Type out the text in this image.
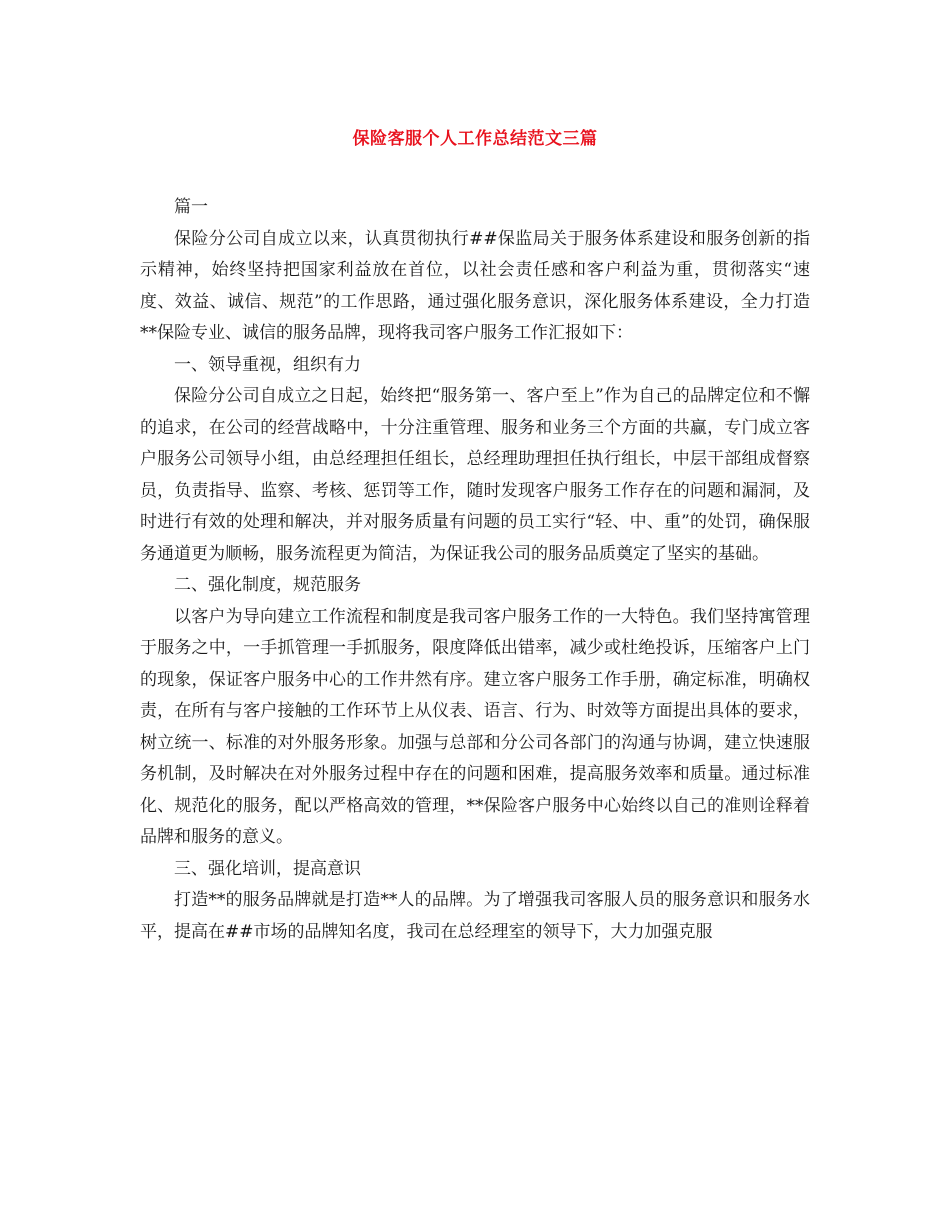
保险客服个人工作总结范文三篇

篇一

保险分公司自成立以来，认真贯彻执行##保监局关于服务体系建设和服务创新的指示精神，始终坚持把国家利益放在首位，以社会责任感和客户利益为重，贯彻落实“速度、效益、诚信、规范”的工作思路，通过强化服务意识，深化服务体系建设，全力打造**保险专业、诚信的服务品牌，现将我司客户服务工作汇报如下：

一、领导重视，组织有力

保险分公司自成立之日起，始终把“服务第一、客户至上”作为自己的品牌定位和不懈的追求，在公司的经营战略中，十分注重管理、服务和业务三个方面的共赢，专门成立客户服务公司领导小组，由总经理担任组长，总经理助理担任执行组长，中层干部组成督察员，负责指导、监察、考核、惩罚等工作，随时发现客户服务工作存在的问题和漏洞，及时进行有效的处理和解决，并对服务质量有问题的员工实行“轻、中、重”的处罚，确保服务通道更为顺畅，服务流程更为简洁，为保证我公司的服务品质奠定了坚实的基础。

二、强化制度，规范服务

以客户为导向建立工作流程和制度是我司客户服务工作的一大特色。我们坚持寓管理于服务之中，一手抓管理一手抓服务，限度降低出错率，减少或杜绝投诉，压缩客户上门的现象，保证客户服务中心的工作井然有序。建立客户服务工作手册，确定标准，明确权责，在所有与客户接触的工作环节上从仪表、语言、行为、时效等方面提出具体的要求，树立统一、标准的对外服务形象。加强与总部和分公司各部门的沟通与协调，建立快速服务机制，及时解决在对外服务过程中存在的问题和困难，提高服务效率和质量。通过标准化、规范化的服务，配以严格高效的管理，**保险客户服务中心始终以自己的准则诠释着品牌和服务的意义。

三、强化培训，提高意识

打造**的服务品牌就是打造**人的品牌。为了增强我司客服人员的服务意识和服务水平，提高在##市场的品牌知名度，我司在总经理室的领导下，大力加强克服
